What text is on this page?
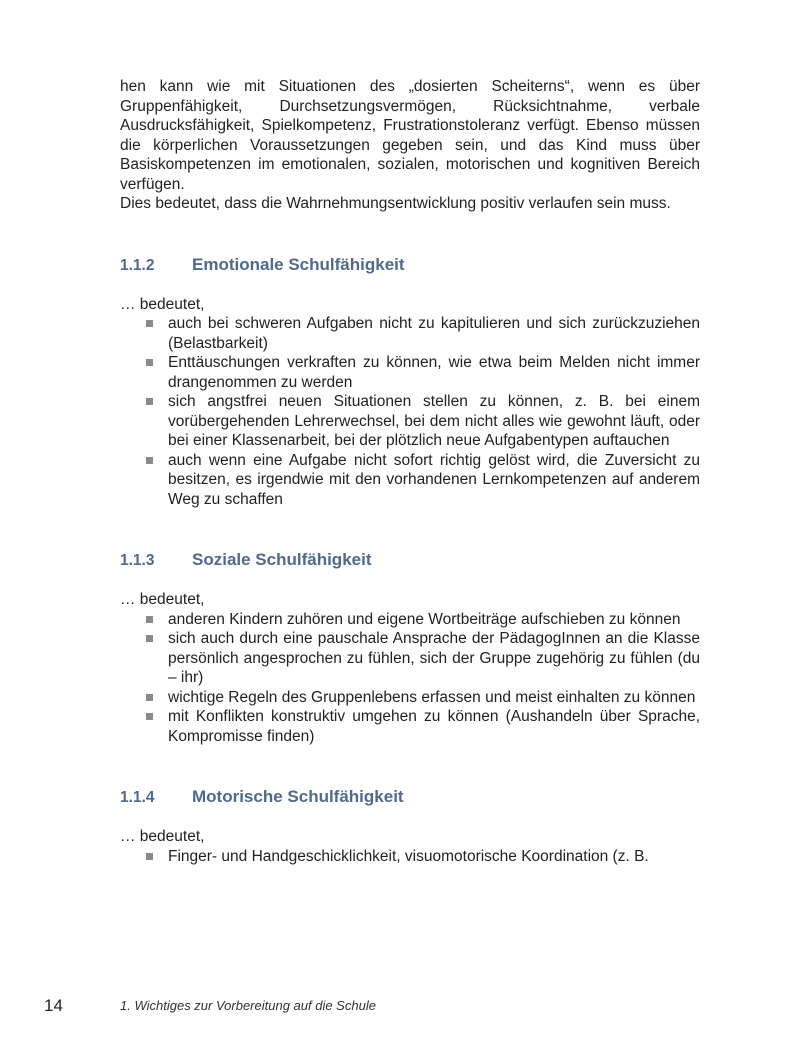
hen kann wie mit Situationen des „dosierten Scheiterns“, wenn es über Gruppenfähigkeit, Durchsetzungsvermögen, Rücksichtnahme, verbale Ausdrucksfähigkeit, Spielkompetenz, Frustrationstoleranz verfügt. Ebenso müssen die körperlichen Voraussetzungen gegeben sein, und das Kind muss über Basiskompetenzen im emotionalen, sozialen, motorischen und kognitiven Bereich verfügen.

Dies bedeutet, dass die Wahrnehmungsentwicklung positiv verlaufen sein muss.

1.1.2 Emotionale Schulfähigkeit

… bedeutet,

auch bei schweren Aufgaben nicht zu kapitulieren und sich zurückzuziehen (Belastbarkeit)
Enttäuschungen verkraften zu können, wie etwa beim Melden nicht immer drangenommen zu werden
sich angstfrei neuen Situationen stellen zu können, z. B. bei einem vorübergehenden Lehrerwechsel, bei dem nicht alles wie gewohnt läuft, oder bei einer Klassenarbeit, bei der plötzlich neue Aufgabentypen auftauchen
auch wenn eine Aufgabe nicht sofort richtig gelöst wird, die Zuversicht zu besitzen, es irgendwie mit den vorhandenen Lernkompetenzen auf anderem Weg zu schaffen
1.1.3 Soziale Schulfähigkeit

… bedeutet,

anderen Kindern zuhören und eigene Wortbeiträge aufschieben zu können
sich auch durch eine pauschale Ansprache der PädagogInnen an die Klasse persönlich angesprochen zu fühlen, sich der Gruppe zugehörig zu fühlen (du – ihr)
wichtige Regeln des Gruppenlebens erfassen und meist einhalten zu können
mit Konflikten konstruktiv umgehen zu können (Aushandeln über Sprache, Kompromisse finden)
1.1.4 Motorische Schulfähigkeit

… bedeutet,

Finger- und Handgeschicklichkeit, visuomotorische Koordination (z. B.
14	1. Wichtiges zur Vorbereitung auf die Schule
